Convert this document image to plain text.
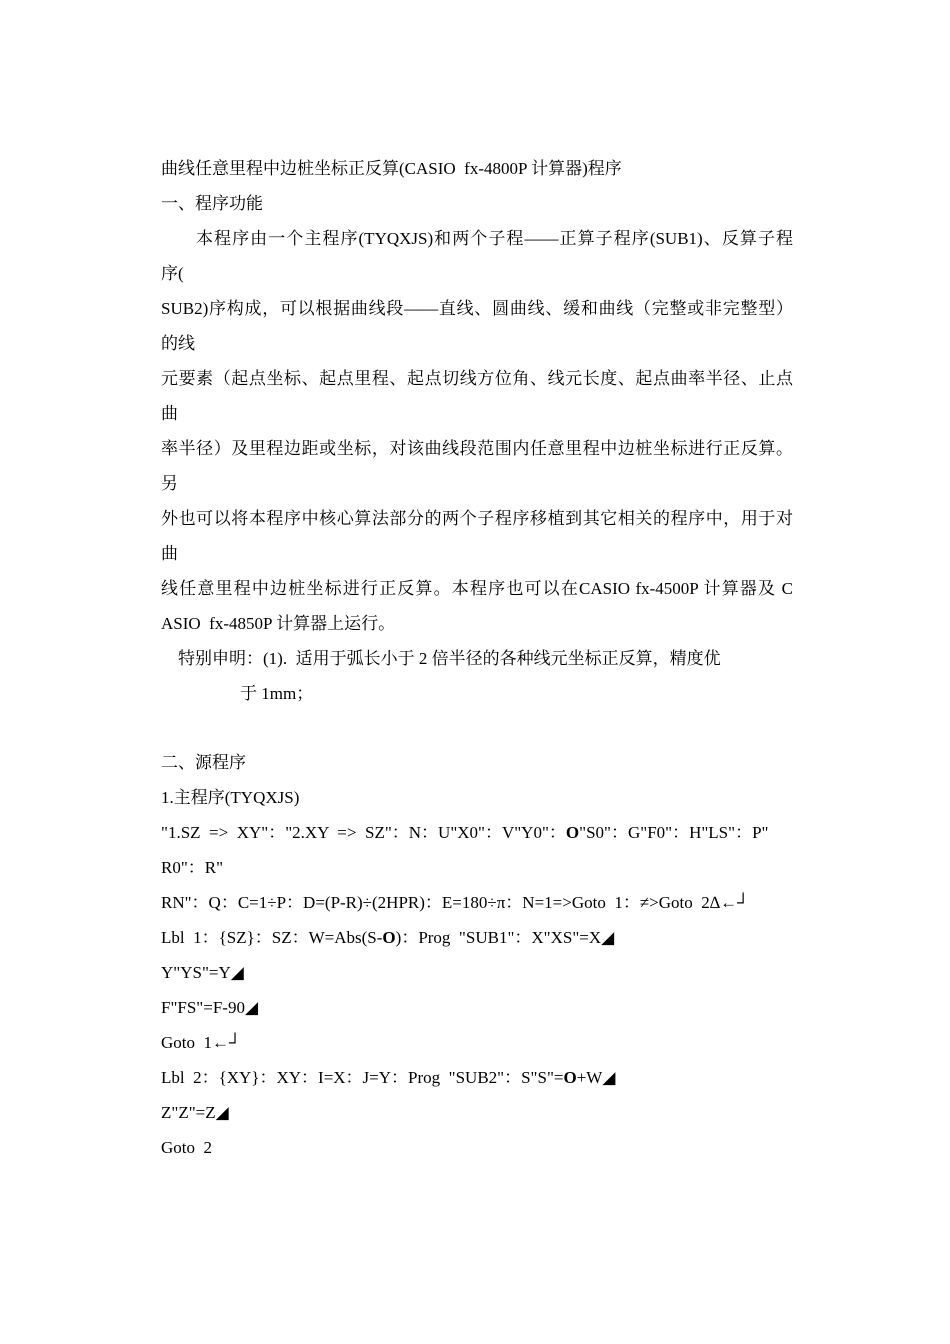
曲线任意里程中边桩坐标正反算(CASIO  fx-4800P 计算器)程序
一、程序功能
本程序由一个主程序(TYQXJS)和两个子程——正算子程序(SUB1)、反算子程
序(
SUB2)序构成，可以根据曲线段——直线、圆曲线、缓和曲线（完整或非完整型）
的线
元要素（起点坐标、起点里程、起点切线方位角、线元长度、起点曲率半径、止点
曲
率半径）及里程边距或坐标，对该曲线段范围内任意里程中边桩坐标进行正反算。
另
外也可以将本程序中核心算法部分的两个子程序移植到其它相关的程序中，用于对
曲
线任意里程中边桩坐标进行正反算。本程序也可以在CASIO fx-4500P 计算器及 C
ASIO  fx-4850P 计算器上运行。
特别申明：(1).  适用于弧长小于 2 倍半径的各种线元坐标正反算，精度优
于 1mm；
二、源程序
1.主程序(TYQXJS)
"1.SZ  =>  XY"："2.XY  =>  SZ"：N：U"X0"：V"Y0"：O"S0"：G"F0"：H"LS"：P"
R0"：R"
RN"：Q：C=1÷P：D=(P-R)÷(2HPR)：E=180÷π：N=1=>Goto  1：≠>Goto  2∆←┘
Lbl  1：{SZ}：SZ：W=Abs(S-O)：Prog  "SUB1"：X"XS"=X◢
Y"YS"=Y◢
F"FS"=F-90◢
Goto  1←┘
Lbl  2：{XY}：XY：I=X：J=Y：Prog  "SUB2"：S"S"=O+W◢
Z"Z"=Z◢
Goto  2
